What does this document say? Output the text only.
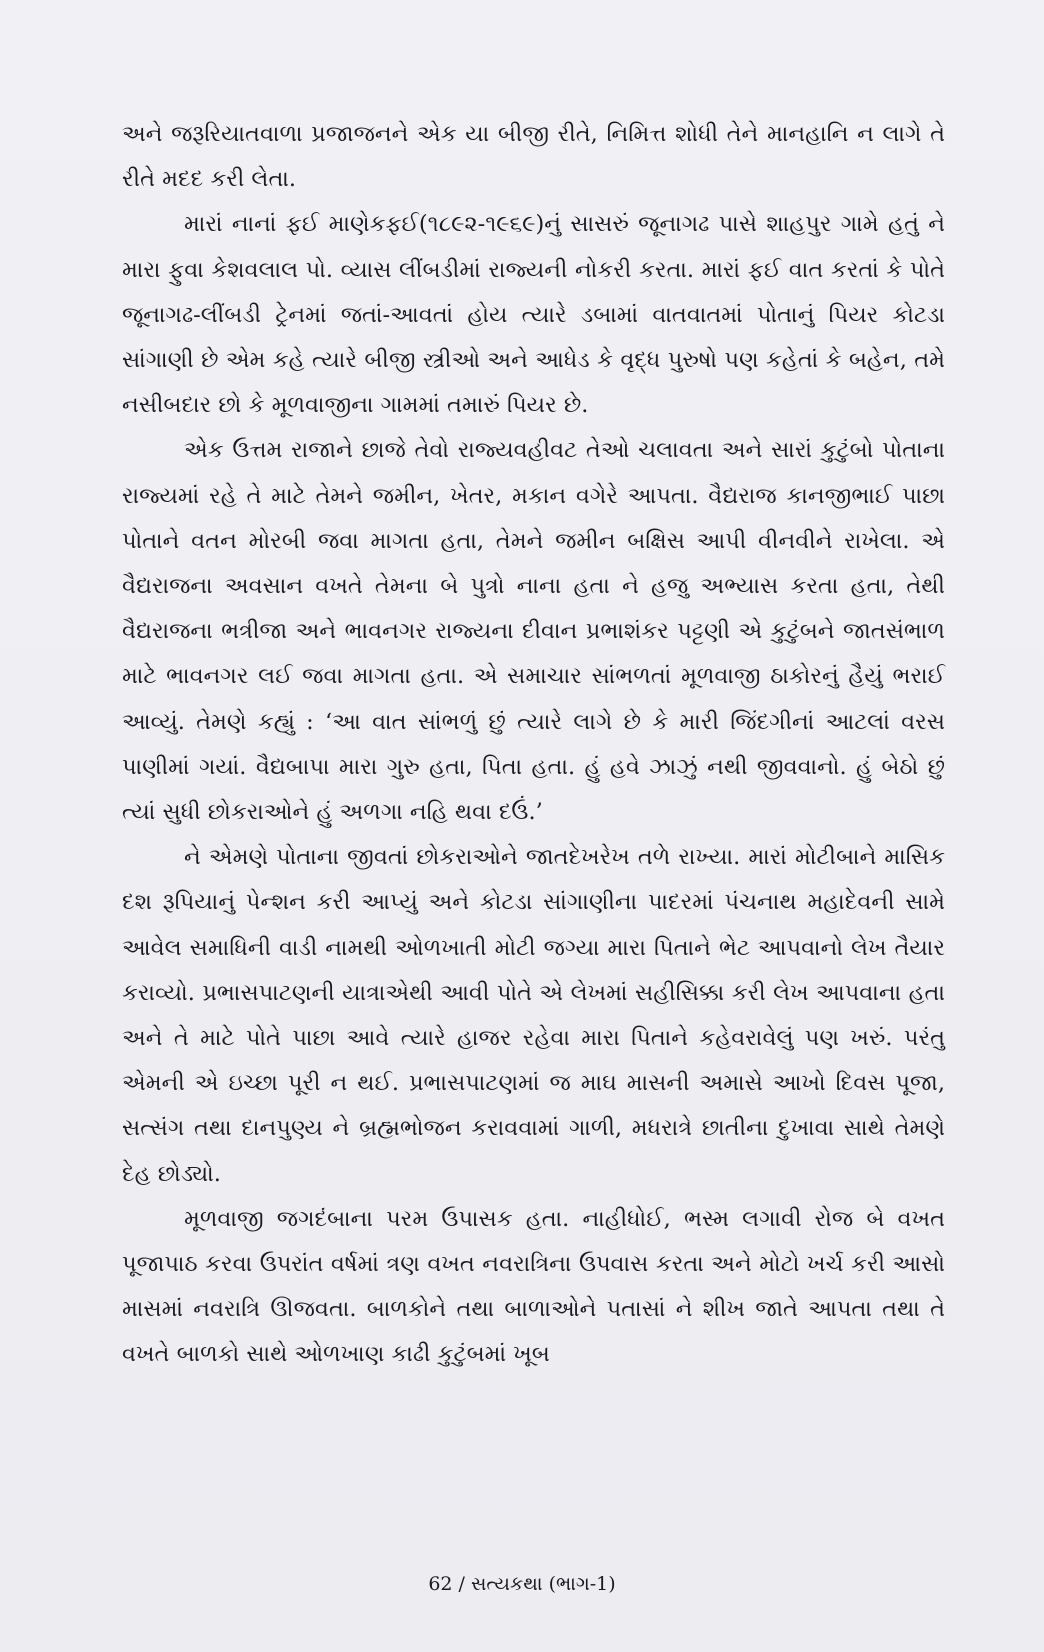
અને જરૂરિયાતવાળા પ્રજાજનને એક યા બીજી રીતે, નિમિત્ત શોધી તેને માનહાનિ ન લાગે તે રીતે મદદ કરી લેતા.

મારાં નાનાં ફઈ માણેકફઈ(૧૮૯૨-૧૯૬૯)નું સાસરું જૂનાગઢ પાસે શાહપુર ગામે હતું ને મારા ફુવા કેશવલાલ પો. વ્યાસ લીંબડીમાં રાજ્યની નોકરી કરતા. મારાં ફઈ વાત કરતાં કે પોતે જૂનાગઢ-લીંબડી ટ્રેનમાં જતાં-આવતાં હોય ત્યારે ડબામાં વાતવાતમાં પોતાનું પિયર કોટડા સાંગાણી છે એમ કહે ત્યારે બીજી સ્ત્રીઓ અને આધેડ કે વૃદ્ધ પુરુષો પણ કહેતાં કે બહેન, તમે નસીબદાર છો કે મૂળવાજીના ગામમાં તમારું પિયર છે.

એક ઉત્તમ રાજાને છાજે તેવો રાજ્યવહીવટ તેઓ ચલાવતા અને સારાં કુટુંબો પોતાના રાજ્યમાં રહે તે માટે તેમને જમીન, ખેતર, મકાન વગેરે આપતા. વૈદ્યરાજ કાનજીભાઈ પાછા પોતાને વતન મોરબી જવા માગતા હતા, તેમને જમીન બક્ષિસ આપી વીનવીને રાખેલા. એ વૈદ્યરાજના અવસાન વખતે તેમના બે પુત્રો નાના હતા ને હજુ અભ્યાસ કરતા હતા, તેથી વૈદ્યરાજના ભત્રીજા અને ભાવનગર રાજ્યના દીવાન પ્રભાશંકર પટ્ટણી એ કુટુંબને જાતસંભાળ માટે ભાવનગર લઈ જવા માગતા હતા. એ સમાચાર સાંભળતાં મૂળવાજી ઠાકોરનું હૈયું ભરાઈ આવ્યું. તેમણે કહ્યું : ‘આ વાત સાંભળું છું ત્યારે લાગે છે કે મારી જિંદગીનાં આટલાં વરસ પાણીમાં ગયાં. વૈદ્યબાપા મારા ગુરુ હતા, પિતા હતા. હું હવે ઝાઝું નથી જીવવાનો. હું બેઠો છું ત્યાં સુધી છોકરાઓને હું અળગા નહિ થવા દઉં.’

ને એમણે પોતાના જીવતાં છોકરાઓને જાતદેખરેખ તળે રાખ્યા. મારાં મોટીબાને માસિક દશ રૂપિયાનું પેન્શન કરી આપ્યું અને કોટડા સાંગાણીના પાદરમાં પંચનાથ મહાદેવની સામે આવેલ સમાધિની વાડી નામથી ઓળખાતી મોટી જગ્યા મારા પિતાને ભેટ આપવાનો લેખ તૈયાર કરાવ્યો. પ્રભાસપાટણની યાત્રાએથી આવી પોતે એ લેખમાં સહીસિક્કા કરી લેખ આપવાના હતા અને તે માટે પોતે પાછા આવે ત્યારે હાજર રહેવા મારા પિતાને કહેવરાવેલું પણ ખરું. પરંતુ એમની એ ઇચ્છા પૂરી ન થઈ. પ્રભાસપાટણમાં જ માઘ માસની અમાસે આખો દિવસ પૂજા, સત્સંગ તથા દાનપુણ્ય ને બ્રહ્મભોજન કરાવવામાં ગાળી, મધરાત્રે છાતીના દુખાવા સાથે તેમણે દેહ છોડ્યો.

મૂળવાજી જગદંબાના પરમ ઉપાસક હતા. નાહીધોઈ, ભસ્મ લગાવી રોજ બે વખત પૂજાપાઠ કરવા ઉપરાંત વર્ષમાં ત્રણ વખત નવરાત્રિના ઉપવાસ કરતા અને મોટો ખર્ચ કરી આસો માસમાં નવરાત્રિ ઊજવતા. બાળકોને તથા બાળાઓને પતાસાં ને શીખ જાતે આપતા તથા તે વખતે બાળકો સાથે ઓળખાણ કાઢી કુટુંબમાં ખૂબ

62 / સત્યકથા (ભાગ-1)
